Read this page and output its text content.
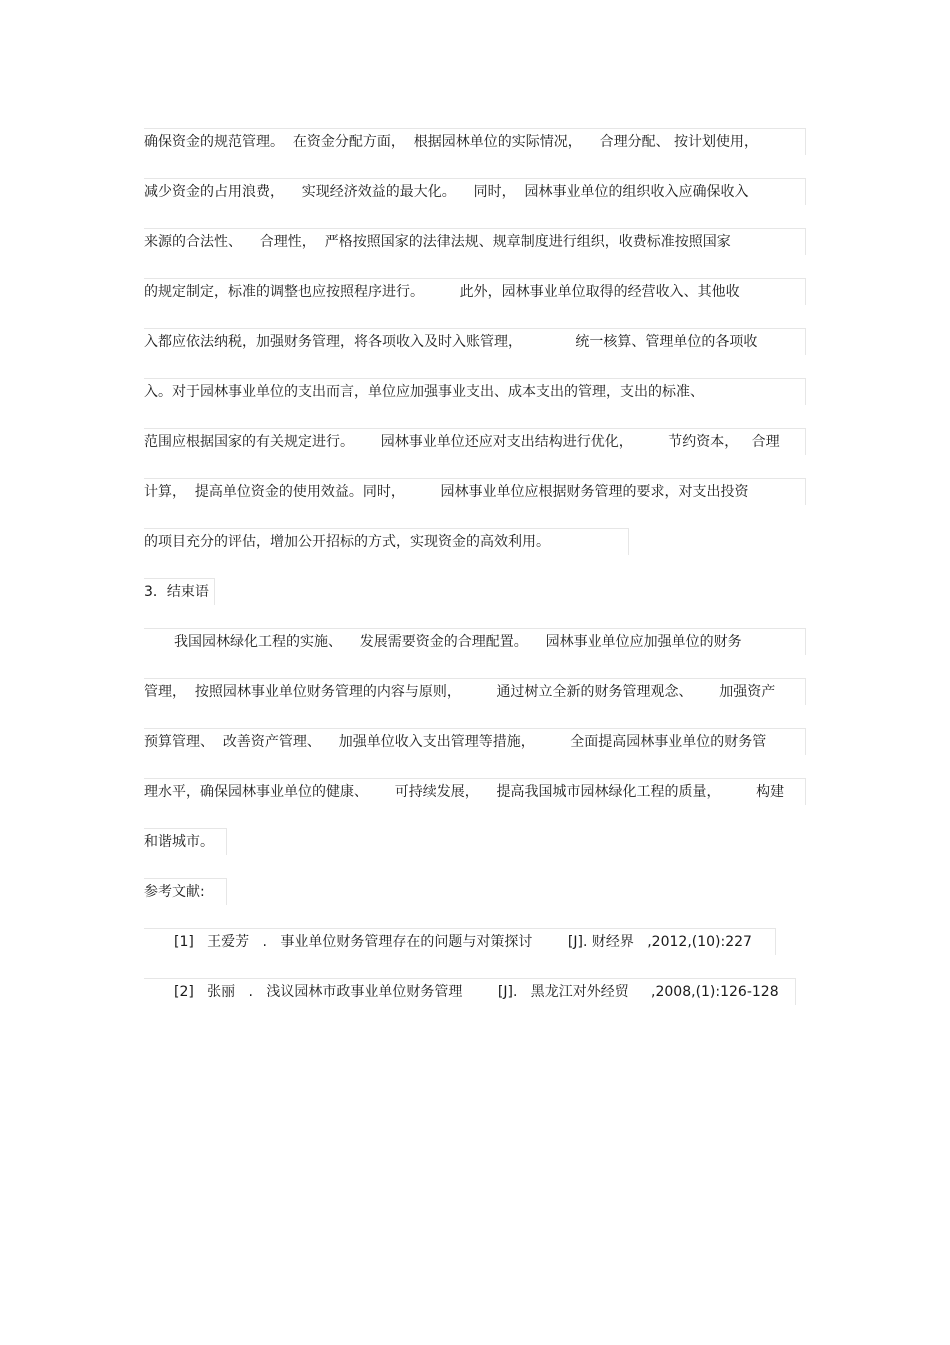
确保资金的规范管理。  在资金分配方面，  根据园林单位的实际情况，    合理分配、 按计划使用，
减少资金的占用浪费，    实现经济效益的最大化。    同时，  园林事业单位的组织收入应确保收入
来源的合法性、    合理性，  严格按照国家的法律法规、规章制度进行组织，收费标准按照国家
的规定制定，标准的调整也应按照程序进行。        此外，园林事业单位取得的经营收入、其他收
入都应依法纳税，加强财务管理，将各项收入及时入账管理，            统一核算、管理单位的各项收
入。对于园林事业单位的支出而言，单位应加强事业支出、成本支出的管理，支出的标准、
范围应根据国家的有关规定进行。      园林事业单位还应对支出结构进行优化，        节约资本，   合理
计算，  提高单位资金的使用效益。同时，        园林事业单位应根据财务管理的要求，对支出投资
的项目充分的评估，增加公开招标的方式，实现资金的高效利用。
3．结束语
我国园林绿化工程的实施、    发展需要资金的合理配置。    园林事业单位应加强单位的财务
管理，  按照园林事业单位财务管理的内容与原则，        通过树立全新的财务管理观念、      加强资产
预算管理、  改善资产管理、    加强单位收入支出管理等措施，        全面提高园林事业单位的财务管
理水平，确保园林事业单位的健康、      可持续发展，    提高我国城市园林绿化工程的质量，        构建
和谐城市。
参考文献:
[1]   王爱芳   .   事业单位财务管理存在的问题与对策探讨        [J]. 财经界   ,2012,(10):227
[2]   张丽   .   浅议园林市政事业单位财务管理        [J].   黑龙江对外经贸     ,2008,(1):126-128
